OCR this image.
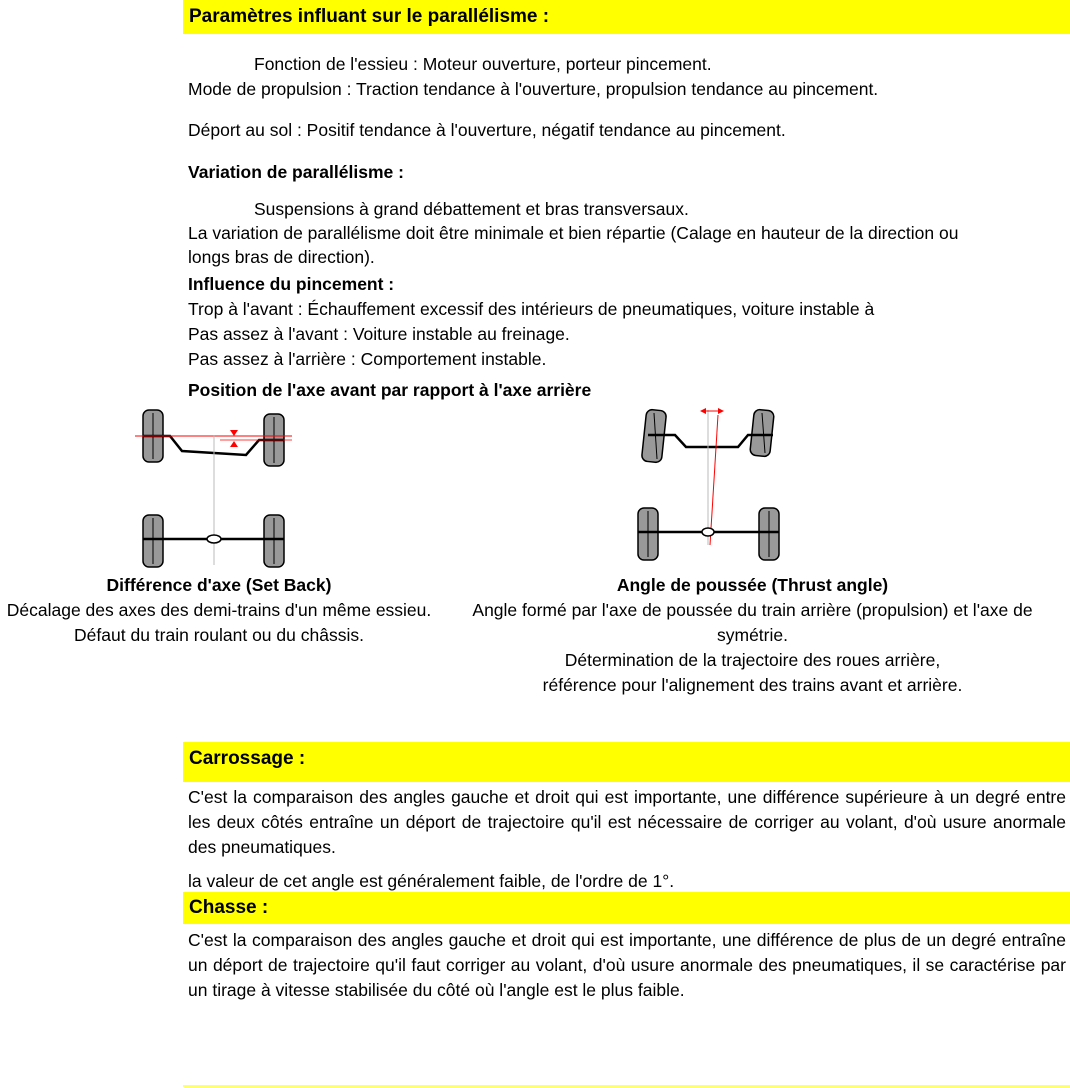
Paramètres influant sur le parallélisme :
Fonction de l'essieu : Moteur ouverture, porteur pincement.
Mode de propulsion : Traction tendance à l'ouverture, propulsion tendance au pincement.
Déport au sol : Positif tendance à l'ouverture, négatif tendance au pincement.
Variation de parallélisme :
Suspensions à grand débattement et bras transversaux.
La variation de parallélisme doit être minimale et bien répartie (Calage en hauteur de la direction ou
longs bras de direction).
Influence du pincement :
Trop à l'avant : Échauffement excessif des intérieurs de pneumatiques, voiture instable à
Pas assez à l'avant : Voiture instable au freinage.
Pas assez à l'arrière : Comportement instable.
Position de l'axe avant par rapport à l'axe arrière
Différence d'axe (Set Back)
Décalage des axes des demi-trains d'un même essieu.
Défaut du train roulant ou du châssis.
Angle de poussée (Thrust angle)
Angle formé par l'axe de poussée du train arrière (propulsion) et l'axe de symétrie.
Détermination de la trajectoire des roues arrière,
référence pour l'alignement des trains avant et arrière.
Carrossage :
C'est la comparaison des angles gauche et droit qui est importante, une différence supérieure à un degré entre les deux côtés entraîne un déport de trajectoire qu'il est nécessaire de corriger au volant, d'où usure anormale des pneumatiques.
la valeur de cet angle est généralement faible, de l'ordre de 1°.
Chasse :
C'est la comparaison des angles gauche et droit qui est importante, une différence de plus de un degré entraîne un déport de trajectoire qu'il faut corriger au volant, d'où usure anormale des pneumatiques, il se caractérise par un tirage à vitesse stabilisée du côté où l'angle est le plus faible.
